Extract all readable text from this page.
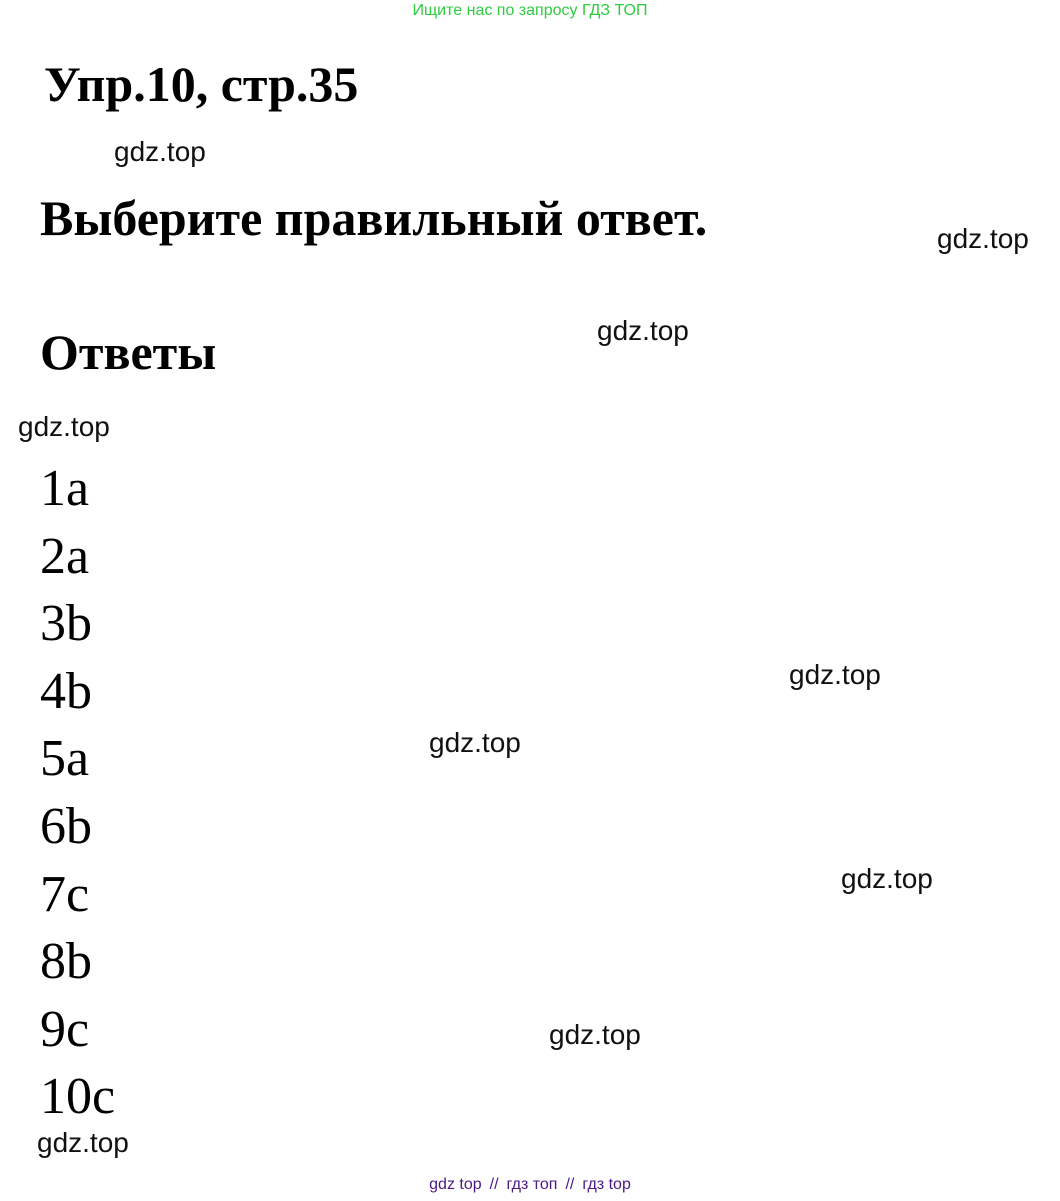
Ищите нас по запросу ГДЗ ТОП
Упр.10, стр.35
gdz.top
Выберите правильный ответ.	gdz.top
gdz.top
Ответы
gdz.top
1a
2a
3b
4b
5a
6b
7c
8b
9c
10c
gdz.top
gdz.top
gdz.top
gdz.top
gdz.top
gdz top // гдз топ // гдз top
